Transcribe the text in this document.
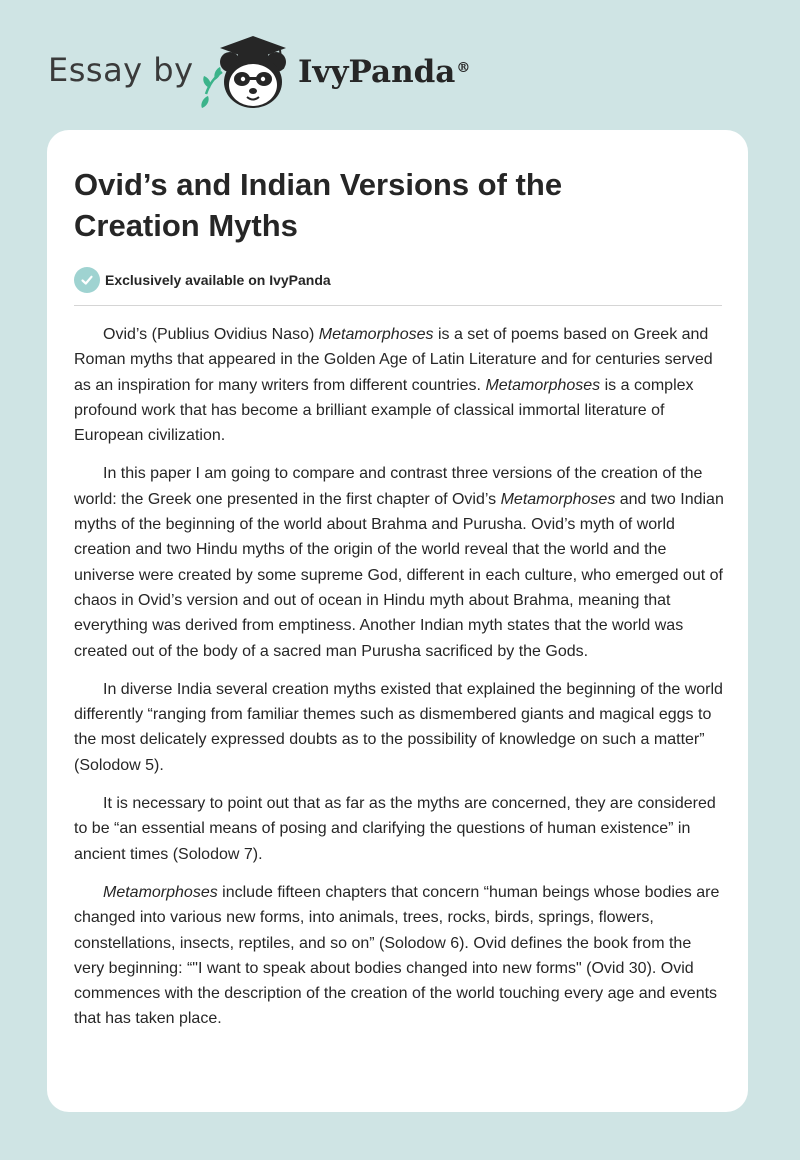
Essay by	IvyPanda®
Ovid’s and Indian Versions of the Creation Myths
Exclusively available on IvyPanda

Ovid’s (Publius Ovidius Naso) Metamorphoses is a set of poems based on Greek and Roman myths that appeared in the Golden Age of Latin Literature and for centuries served as an inspiration for many writers from different countries. Metamorphoses is a complex profound work that has become a brilliant example of classical immortal literature of European civilization.

In this paper I am going to compare and contrast three versions of the creation of the world: the Greek one presented in the first chapter of Ovid’s Metamorphoses and two Indian myths of the beginning of the world about Brahma and Purusha. Ovid’s myth of world creation and two Hindu myths of the origin of the world reveal that the world and the universe were created by some supreme God, different in each culture, who emerged out of chaos in Ovid’s version and out of ocean in Hindu myth about Brahma, meaning that everything was derived from emptiness. Another Indian myth states that the world was created out of the body of a sacred man Purusha sacrificed by the Gods.

In diverse India several creation myths existed that explained the beginning of the world differently “ranging from familiar themes such as dismembered giants and magical eggs to the most delicately expressed doubts as to the possibility of knowledge on such a matter” (Solodow 5).

It is necessary to point out that as far as the myths are concerned, they are considered to be “an essential means of posing and clarifying the questions of human existence” in ancient times (Solodow 7).

Metamorphoses include fifteen chapters that concern “human beings whose bodies are changed into various new forms, into animals, trees, rocks, birds, springs, flowers, constellations, insects, reptiles, and so on” (Solodow 6). Ovid defines the book from the very beginning: “"I want to speak about bodies changed into new forms" (Ovid 30). Ovid commences with the description of the creation of the world touching every age and events that has taken place.
